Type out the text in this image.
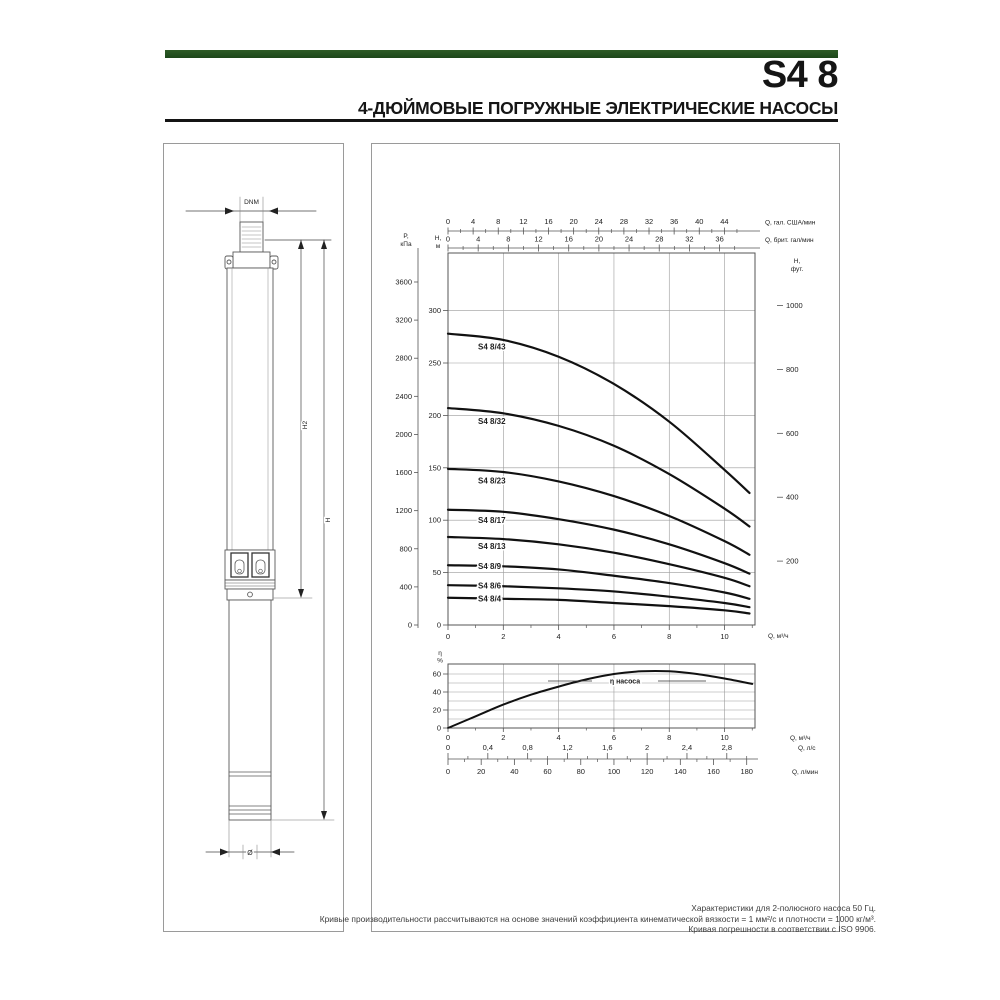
S4 8
4-ДЮЙМОВЫЕ ПОГРУЖНЫЕ ЭЛЕКТРИЧЕСКИЕ НАСОСЫ
DNM
H2
H
Ø
0	4	8	12 16 20 24 28 32 36 40 44	Q, гал. США/мин
0	4	8	12	16	20	24	28	32	36	Q, брит. гал/мин
P,
кПа
0
400
800
1200
1600
2000
2400
2800
3200
3600
H,
м
0
50
100
150
200
250
300
H,
фут.
200
400
600
800
1000
0	2	4	6	8	10	Q, м³/ч
S4 8/43
S4 8/32
S4 8/23
S4 8/17
S4 8/13
S4 8/9
S4 8/6
S4 8/4
η
%
0
20
40
60
η насоса
0	2	4	6	8	10	Q, м³/ч
0	0,4	0,8	1,2	1,6	2	2,4	2,8	Q, л/с
0	20	40	60	80	100	120	140	160	180	Q, л/мин
Характеристики для 2-полюсного насоса 50 Гц.
Кривые производительности рассчитываются на основе значений коэффициента кинематической вязкости = 1 мм²/с и плотности = 1000 кг/м³.
Кривая погрешности в соответствии с ISO 9906.
